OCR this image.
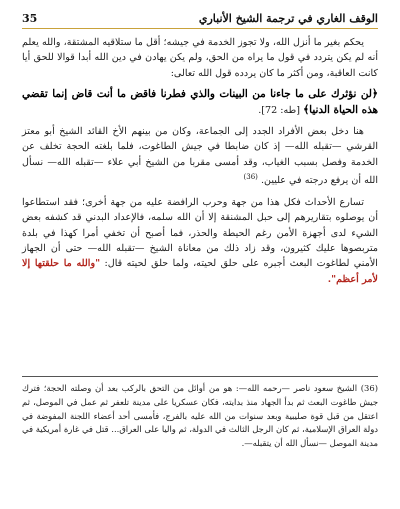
الوقف الغاري في ترجمة الشيخ الأنباري
35

يحكم بغير ما أنزل الله، ولا تجوز الخدمة في جيشه؛ أقل ما ستلاقيه المشتقة، والله يعلم أنه لم يكن يتردد في قول ما يراه من الحق، ولم يكن يهادن في دين الله أبدا قوالا للحق أيا كانت العاقبة، ومن أكثر ما كان يردده قول الله تعالى:

﴿لن نؤثرك على ما جاءنا من البينات والذي فطرنا فاقض ما أنت قاض إنما تقضي هذه الحياة الدنيا﴾ [طه: 72].

هنا دخل بعض الأفراد الجدد إلى الجماعة، وكان من بينهم الأخ القائد الشيخ أبو معتز القرشي —تقبله الله— إذ كان ضابطا في جيش الطاغوت، فلما بلغته الحجة تخلف عن الخدمة وفصل بسبب الغياب، وقد أمسى مقربا من الشيخ أبي علاء —تقبله الله— نسأل الله أن يرفع درجته في عليين. $^{(36)}$

تسارع الأحداث فكل هذا من جهة وحرب الرافضة عليه من جهة أخرى؛ فقد استطاعوا أن يوصلوه بتقاريرهم إلى حبل المشنقة إلا أن الله سلمه، فالإعداد البدني قد كشفه بعض الشيء لدى أجهزة الأمن رغم الحيطة والحذر، فما أصبح أن تخفي أمرا كهذا في بلدة متربصوها عليك كثيرون، وقد زاد ذلك من معاناة الشيخ —تقبله الله— حتى أن الجهاز الأمني لطاغوت البعث أجبره على حلق لحيته، ولما حلق لحيته قال: "والله ما حلقتها إلا لأمر أعظم".

(36) الشيخ سعود ناصر —رحمه الله—: هو من أوائل من التحق بالركب بعد أن وصلته الحجة؛ فترك جيش طاغوت البعث ثم بدأ الجهاد منذ بدايته، فكان عسكريا على مدينة تلعفر ثم عمل في الموصل، ثم اعتقل من قبل قوة صليبية وبعد سنوات من الله عليه بالفرج، فأمسى أحد أعضاء اللجنة المفوضة في دولة العراق الإسلامية، ثم كان الرجل الثالث في الدولة، ثم واليا على العراق... قتل في غارة أمريكية في مدينة الموصل —نسأل الله أن يتقبله—.
